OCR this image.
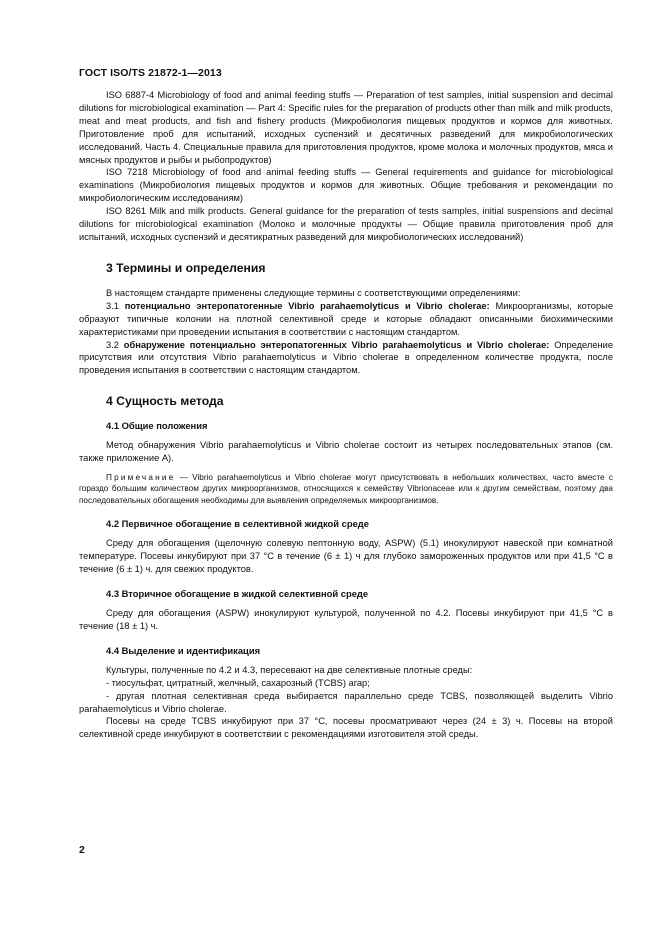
ГОСТ ISO/TS 21872-1—2013

ISO 6887-4 Microbiology of food and animal feeding stuffs — Preparation of test samples, initial suspension and decimal dilutions for microbiological examination — Part 4: Specific rules for the preparation of products other than milk and milk products, meat and meat products, and fish and fishery products (Микробиология пищевых продуктов и кормов для животных. Приготовление проб для испытаний, исходных суспензий и десятичных разведений для микробиологических исследований. Часть 4. Специальные правила для приготовления продуктов, кроме молока и молочных продуктов, мяса и мясных продуктов и рыбы и рыбопродуктов)

ISO 7218 Microbiology of food and animal feeding stuffs — General requirements and guidance for microbiological examinations (Микробиология пищевых продуктов и кормов для животных. Общие требования и рекомендации по микробиологическим исследованиям)

ISO 8261 Milk and milk products. General guidance for the preparation of tests samples, initial suspensions and decimal dilutions for microbiological examination (Молоко и молочные продукты — Общие правила приготовления проб для испытаний, исходных суспензий и десятикратных разведений для микробиологических исследований)

3 Термины и определения

В настоящем стандарте применены следующие термины с соответствующими определениями:

3.1 потенциально энтеропатогенные Vibrio parahaemolyticus и Vibrio cholerae: Микроорганизмы, которые образуют типичные колонии на плотной селективной среде и которые обладают описанными биохимическими характеристиками при проведении испытания в соответствии с настоящим стандартом.

3.2 обнаружение потенциально энтеропатогенных Vibrio parahaemolyticus и Vibrio cholerae: Определение присутствия или отсутствия Vibrio parahaemolyticus и Vibrio cholerae в определенном количестве продукта, после проведения испытания в соответствии с настоящим стандартом.

4 Сущность метода
4.1 Общие положения

Метод обнаружения Vibrio parahaemolyticus и Vibrio cholerae состоит из четырех последовательных этапов (см. также приложение А).

Примечание — Vibrio parahaemolyticus и Vibrio cholerae могут присутствовать в небольших количествах, часто вместе с гораздо большим количеством других микроорганизмов, относящихся к семейству Vibrionaceae или к другим семействам, поэтому два последовательных обогащения необходимы для выявления определяемых микроорганизмов.

4.2 Первичное обогащение в селективной жидкой среде

Среду для обогащения (щелочную солевую пептонную воду, ASPW) (5.1) инокулируют навеской при комнатной температуре. Посевы инкубируют при 37 °С в течение (6 ± 1) ч для глубоко замороженных продуктов или при 41,5 °С в течение (6 ± 1) ч. для свежих продуктов.

4.3 Вторичное обогащение в жидкой селективной среде

Среду для обогащения (ASPW) инокулируют культурой, полученной по 4.2. Посевы инкубируют при 41,5 °С в течение (18 ± 1) ч.

4.4 Выделение и идентификация

Культуры, полученные по 4.2 и 4.3, пересевают на две селективные плотные среды:

- тиосульфат, цитратный, желчный, сахарозный (TCBS) агар;

- другая плотная селективная среда выбирается параллельно среде TCBS, позволяющей выделить Vibrio parahaemolyticus и Vibrio cholerae.

Посевы на среде TCBS инкубируют при 37 °С, посевы просматривают через (24 ± 3) ч. Посевы на второй селективной среде инкубируют в соответствии с рекомендациями изготовителя этой среды.

2
